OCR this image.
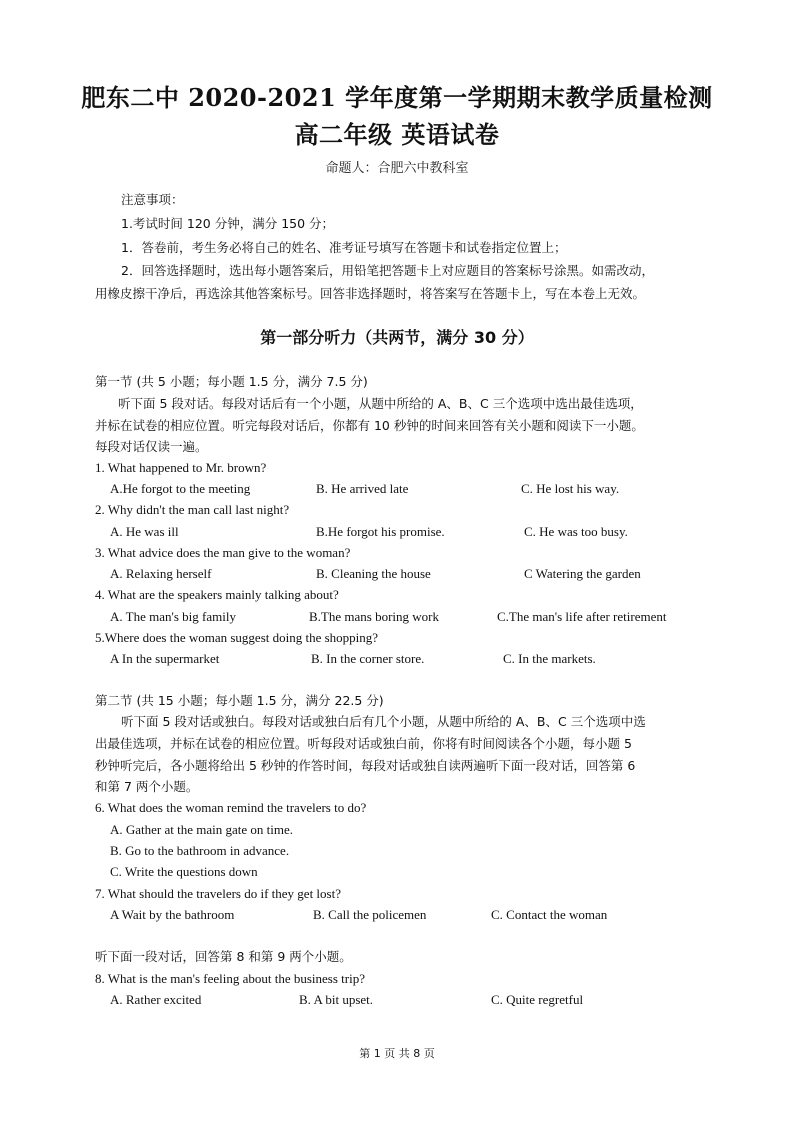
肥东二中 2020-2021 学年度第一学期期末教学质量检测
高二年级 英语试卷
命题人：合肥六中教科室
注意事项：
1.考试时间 120 分钟，满分 150 分；
1．答卷前，考生务必将自己的姓名、准考证号填写在答题卡和试卷指定位置上；
2．回答选择题时，选出每小题答案后，用铅笔把答题卡上对应题目的答案标号涂黑。如需改动，
用橡皮擦干净后，再选涂其他答案标号。回答非选择题时，将答案写在答题卡上，写在本卷上无效。
第一部分听力（共两节，满分 30 分）
第一节 (共 5 小题；每小题 1.5 分，满分 7.5 分)
听下面 5 段对话。每段对话后有一个小题，从题中所给的 A、B、C 三个选项中选出最佳选项，
并标在试卷的相应位置。听完每段对话后，你都有 10 秒钟的时间来回答有关小题和阅读下一小题。
每段对话仅读一遍。
1. What happened to Mr. brown?
A.He forgot to the meeting	B. He arrived late	C. He lost his way.
2. Why didn't the man call last night?
A. He was ill	B.He forgot his promise.	C. He was too busy.
3. What advice does the man give to the woman?
A. Relaxing herself	B. Cleaning the house	C Watering the garden
4. What are the speakers mainly talking about?
A. The man's big family	B.The mans boring work	C.The man's life after retirement
5.Where does the woman suggest doing the shopping?
A In the supermarket	B. In the corner store.	C. In the markets.
第二节 (共 15 小题；每小题 1.5 分，满分 22.5 分)
听下面 5 段对话或独白。每段对话或独白后有几个小题，从题中所给的 A、B、C 三个选项中选
出最佳选项，并标在试卷的相应位置。听每段对话或独白前，你将有时间阅读各个小题，每小题 5
秒钟听完后，各小题将给出 5 秒钟的作答时间，每段对话或独自读两遍听下面一段对话，回答第 6
和第 7 两个小题。
6. What does the woman remind the travelers to do?
A. Gather at the main gate on time.
B. Go to the bathroom in advance.
C. Write the questions down
7. What should the travelers do if they get lost?
A Wait by the bathroom	B. Call the policemen	C. Contact the woman
听下面一段对话，回答第 8 和第 9 两个小题。
8. What is the man's feeling about the business trip?
A. Rather excited	B. A bit upset.	C. Quite regretful
第 1 页 共 8 页
